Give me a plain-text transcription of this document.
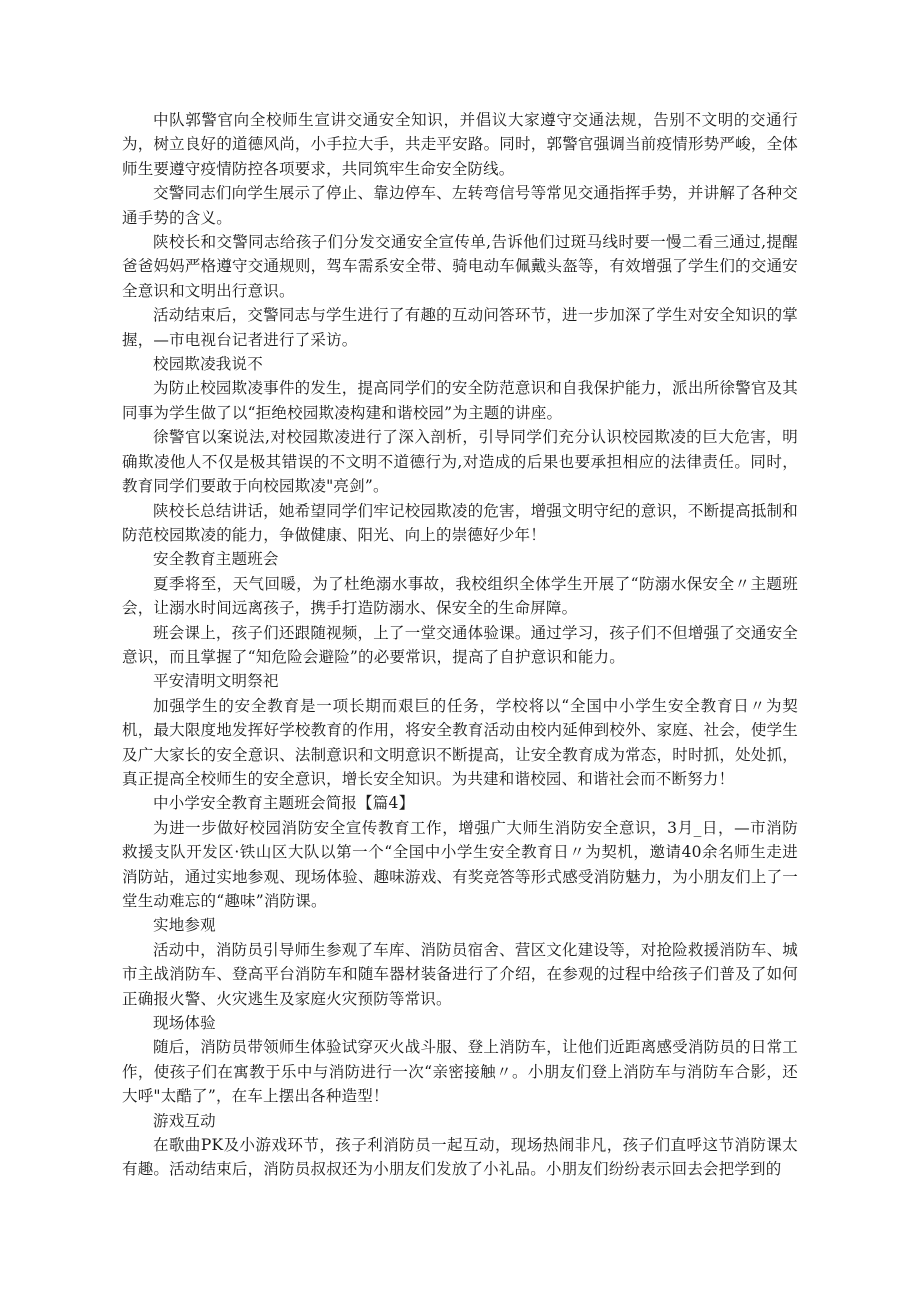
中队郭警官向全校师生宣讲交通安全知识，并倡议大家遵守交通法规，告别不文明的交通行为，树立良好的道德风尚，小手拉大手，共走平安路。同时，郭警官强调当前疫情形势严峻，全体师生要遵守疫情防控各项要求，共同筑牢生命安全防线。

交警同志们向学生展示了停止、靠边停车、左转弯信号等常见交通指挥手势，并讲解了各种交通手势的含义。

陕校长和交警同志给孩子们分发交通安全宣传单,告诉他们过斑马线时要一慢二看三通过,提醒爸爸妈妈严格遵守交通规则，驾车需系安全带、骑电动车佩戴头盔等，有效增强了学生们的交通安全意识和文明出行意识。

活动结束后，交警同志与学生进行了有趣的互动问答环节，进一步加深了学生对安全知识的掌握，—市电视台记者进行了采访。

校园欺凌我说不

为防止校园欺凌事件的发生，提高同学们的安全防范意识和自我保护能力，派出所徐警官及其同事为学生做了以“拒绝校园欺凌构建和谐校园”为主题的讲座。

徐警官以案说法,对校园欺凌进行了深入剖析，引导同学们充分认识校园欺凌的巨大危害，明确欺凌他人不仅是极其错误的不文明不道德行为,对造成的后果也要承担相应的法律责任。同时，教育同学们要敢于向校园欺凌"亮剑”。

陕校长总结讲话，她希望同学们牢记校园欺凌的危害，增强文明守纪的意识，不断提高抵制和防范校园欺凌的能力，争做健康、阳光、向上的崇德好少年！

安全教育主题班会

夏季将至，天气回暖，为了杜绝溺水事故，我校组织全体学生开展了“防溺水保安全〃主题班会，让溺水时间远离孩子，携手打造防溺水、保安全的生命屏障。

班会课上，孩子们还跟随视频，上了一堂交通体验课。通过学习，孩子们不但增强了交通安全意识，而且掌握了“知危险会避险”的必要常识，提高了自护意识和能力。

平安清明文明祭祀

加强学生的安全教育是一项长期而艰巨的任务，学校将以“全国中小学生安全教育日〃为契机，最大限度地发挥好学校教育的作用，将安全教育活动由校内延伸到校外、家庭、社会，使学生及广大家长的安全意识、法制意识和文明意识不断提高，让安全教育成为常态，时时抓，处处抓，真正提高全校师生的安全意识，增长安全知识。为共建和谐校园、和谐社会而不断努力！

中小学安全教育主题班会简报【篇4】

为进一步做好校园消防安全宣传教育工作，增强广大师生消防安全意识，3月_日，—市消防救援支队开发区·铁山区大队以第一个“全国中小学生安全教育日〃为契机，邀请40余名师生走进消防站，通过实地参观、现场体验、趣味游戏、有奖竞答等形式感受消防魅力，为小朋友们上了一堂生动难忘的“趣味”消防课。

实地参观

活动中，消防员引导师生参观了车库、消防员宿舍、营区文化建设等，对抢险救援消防车、城市主战消防车、登高平台消防车和随车器材装备进行了介绍，在参观的过程中给孩子们普及了如何正确报火警、火灾逃生及家庭火灾预防等常识。

现场体验

随后，消防员带领师生体验试穿灭火战斗服、登上消防车，让他们近距离感受消防员的日常工作，使孩子们在寓教于乐中与消防进行一次“亲密接触〃。小朋友们登上消防车与消防车合影，还大呼"太酷了”，在车上摆出各种造型！

游戏互动

在歌曲PK及小游戏环节，孩子利消防员一起互动，现场热闹非凡，孩子们直呼这节消防课太有趣。活动结束后，消防员叔叔还为小朋友们发放了小礼品。小朋友们纷纷表示回去会把学到的
